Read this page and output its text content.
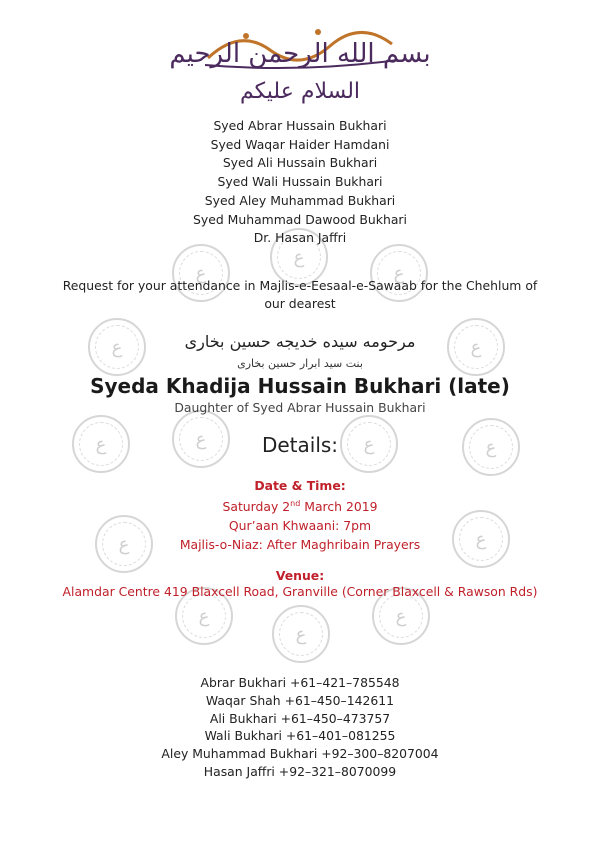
ع
ع	ع
ع	ع
ع	ع	ع	ع
ع	ع
ع	ع
ع
بسم الله الرحمن الرحيم
السلام عليكم
Syed Abrar Hussain Bukhari
Syed Waqar Haider Hamdani
Syed Ali Hussain Bukhari
Syed Wali Hussain Bukhari
Syed Aley Muhammad Bukhari
Syed Muhammad Dawood Bukhari
Dr. Hasan Jaffri
Request for your attendance in Majlis-e-Eesaal-e-Sawaab for the Chehlum of
our dearest
مرحومه سیده خدیجه حسین بخاری
بنت سید ابرار حسین بخاری
Syeda Khadija Hussain Bukhari (late)
Daughter of Syed Abrar Hussain Bukhari
Details:
Date & Time:
Saturday 2nd March 2019
Qur’aan Khwaani: 7pm
Majlis-o-Niaz: After Maghribain Prayers
Venue:
Alamdar Centre 419 Blaxcell Road, Granville (Corner Blaxcell & Rawson Rds)
Abrar Bukhari +61–421–785548
Waqar Shah +61–450–142611
Ali Bukhari +61–450–473757
Wali Bukhari +61–401–081255
Aley Muhammad Bukhari +92–300–8207004
Hasan Jaffri +92–321–8070099
